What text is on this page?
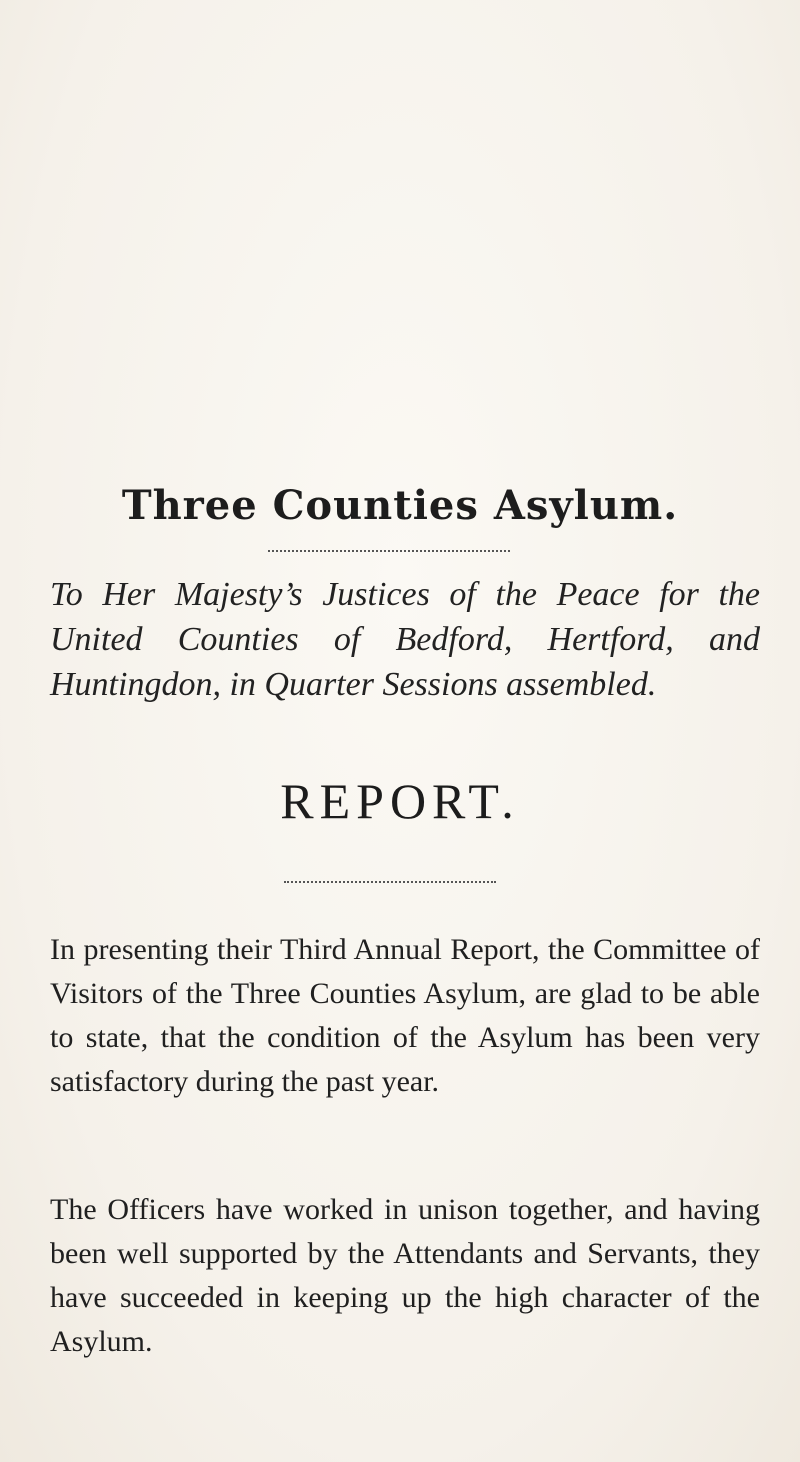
Three Counties Asylum.

To Her Majesty’s Justices of the Peace for the United Counties of Bedford, Hertford, and Huntingdon, in Quarter Sessions assembled.

REPORT.

In presenting their Third Annual Report, the Committee of Visitors of the Three Counties Asylum, are glad to be able to state, that the condition of the Asylum has been very satisfactory during the past year.

The Officers have worked in unison together, and having been well supported by the Attendants and Servants, they have succeeded in keeping up the high character of the Asylum.
